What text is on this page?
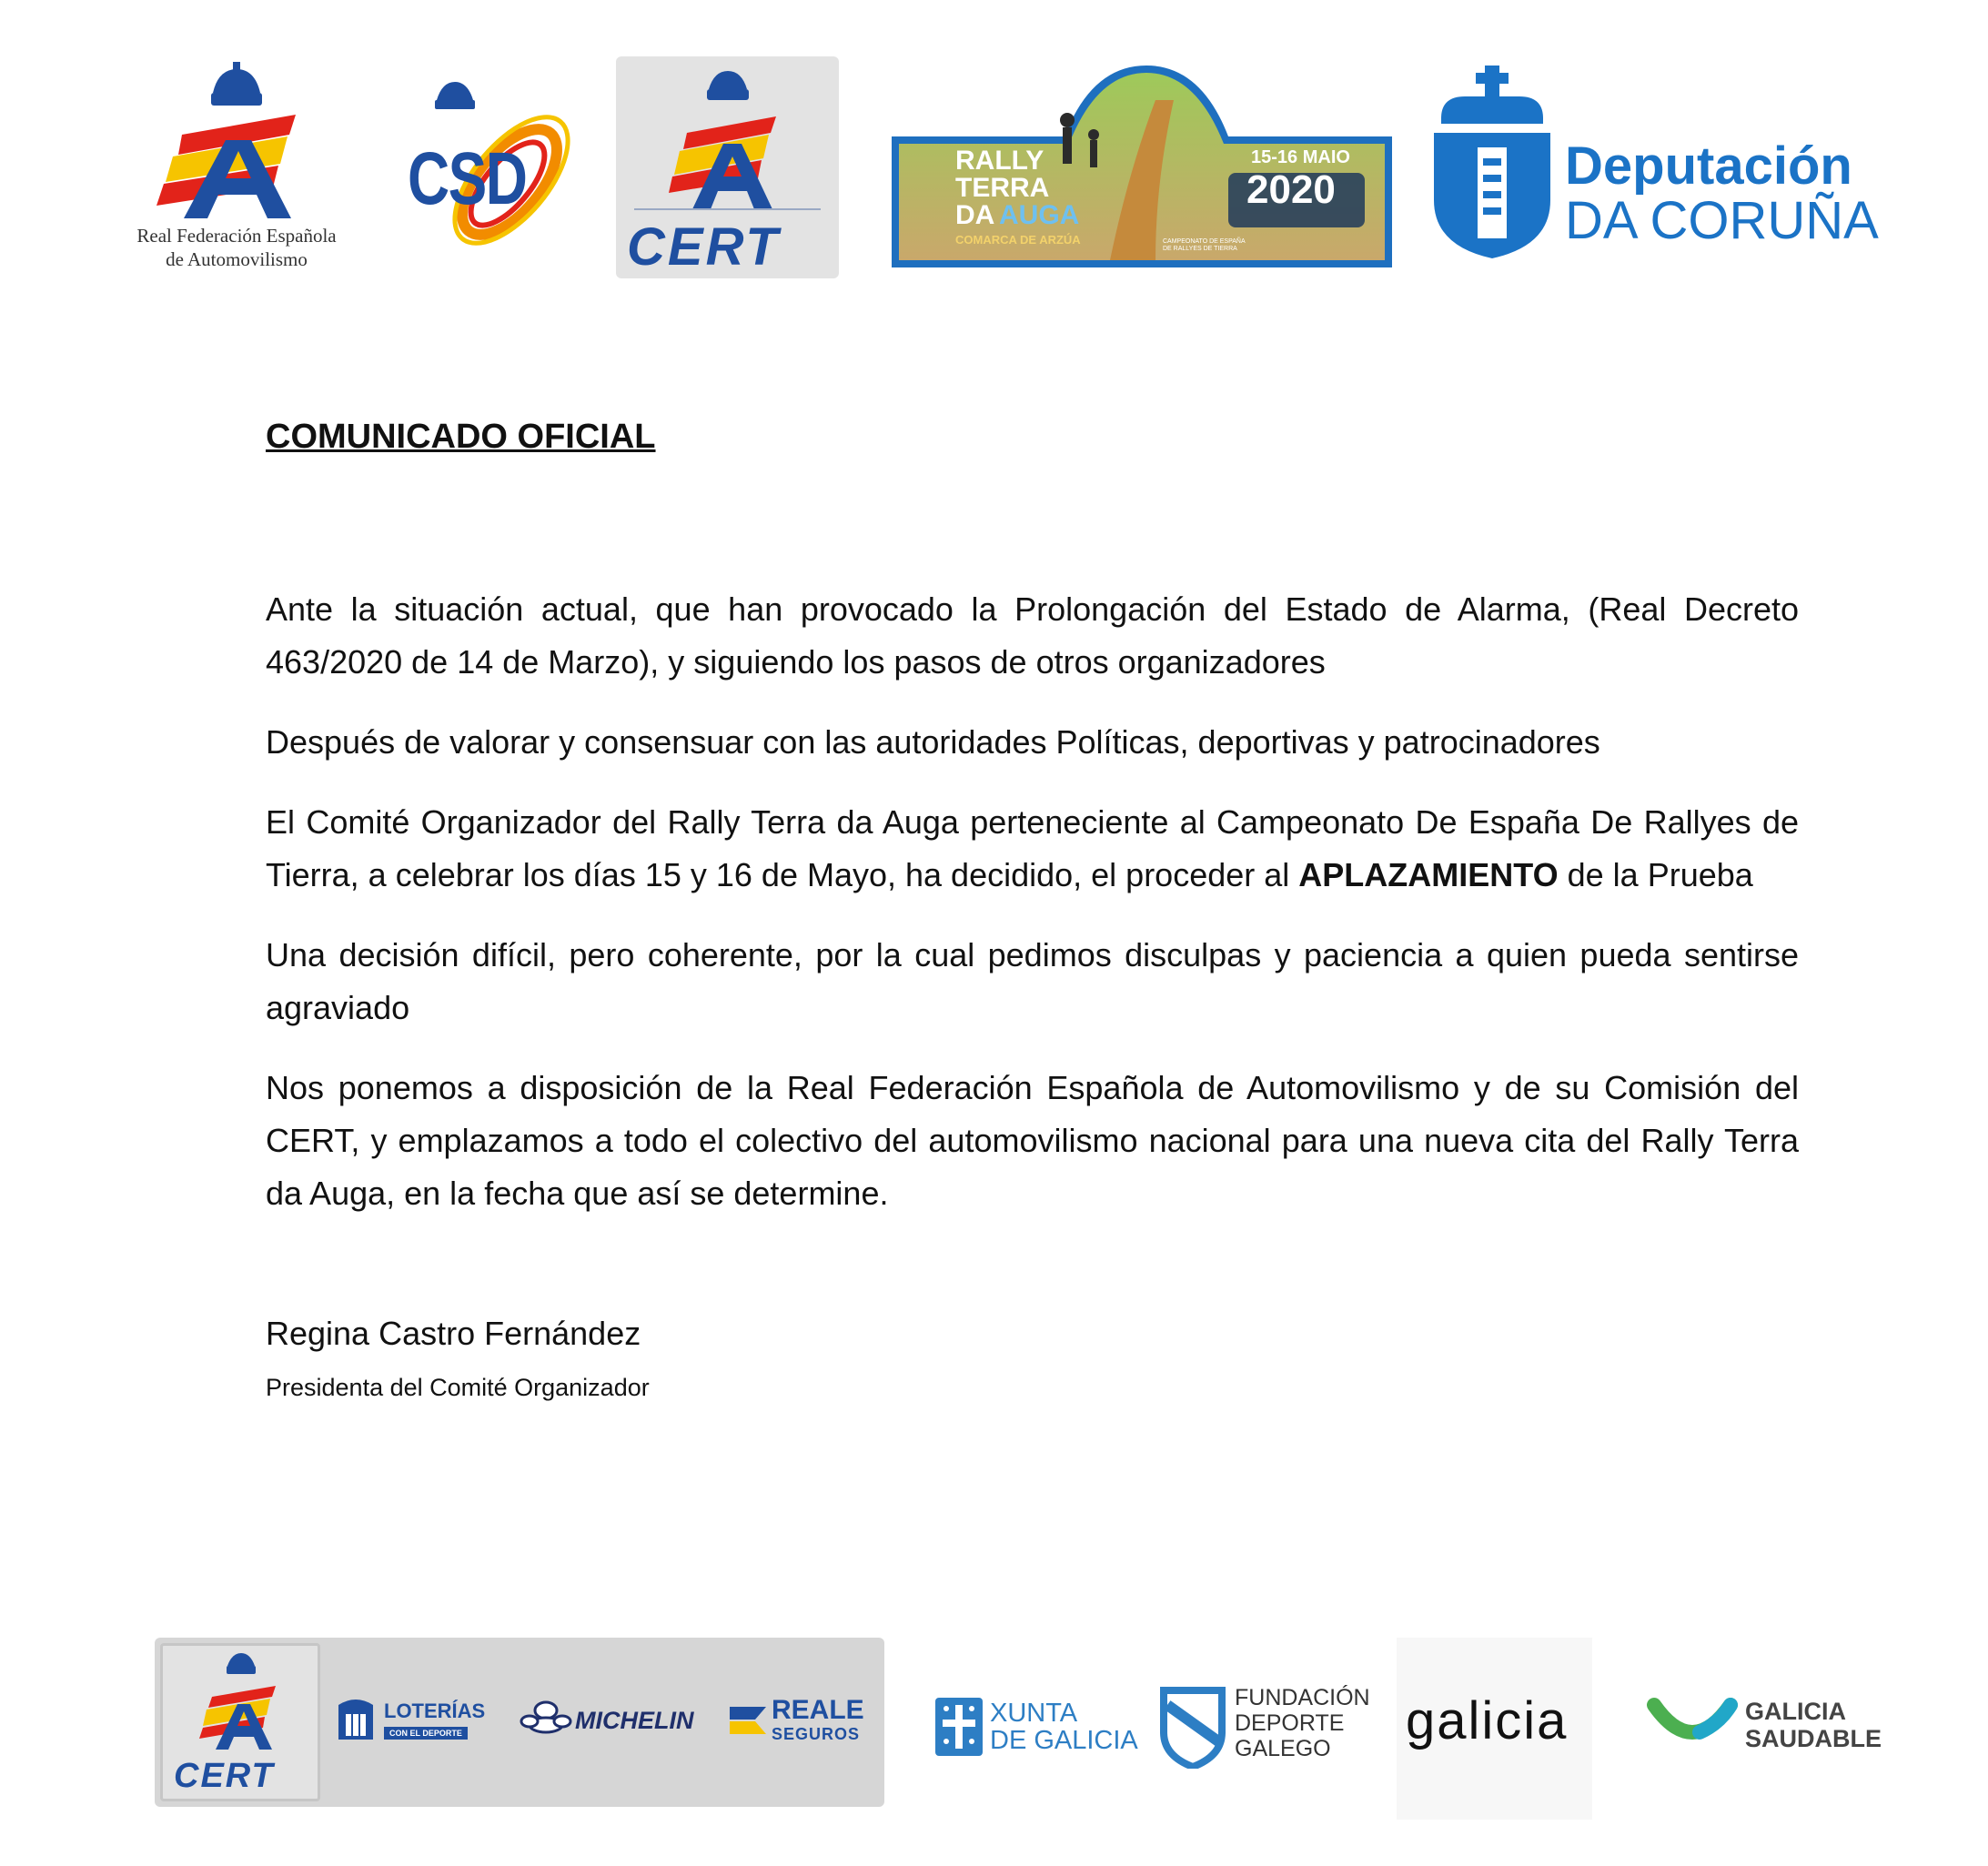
Real Federación Española
de Automovilismo
CSD
CERT
RALLY
TERRA
DA AUGA
COMARCA DE ARZÚA
15-16 MAIO
2020
CAMPEONATO DE ESPAÑA
DE RALLYES DE TIERRA
Deputación
DA CORUÑA
COMUNICADO OFICIAL

Ante la situación actual, que han provocado la Prolongación del Estado de Alarma, (Real Decreto 463/2020 de 14 de Marzo), y siguiendo los pasos de otros organizadores

Después de valorar y consensuar con las autoridades Políticas, deportivas y patrocinadores

El Comité Organizador del Rally Terra da Auga perteneciente al Campeonato De España De Rallyes de Tierra, a celebrar los días 15 y 16 de Mayo, ha decidido, el proceder al APLAZAMIENTO de la Prueba

Una decisión difícil, pero coherente, por la cual pedimos disculpas y paciencia a quien pueda sentirse agraviado

Nos ponemos a disposición de la Real Federación Española de Automovilismo y de su Comisión del CERT, y emplazamos a todo el colectivo del automovilismo nacional para una nueva cita del Rally Terra da Auga, en la fecha que así se determine.

Regina Castro Fernández

Presidenta del Comité Organizador

CERT
LOTERÍAS
CON EL DEPORTE	MICHELIN	REALE
SEGUROS
XUNTA
DE GALICIA
FUNDACIÓN
DEPORTE
GALEGO galicia	GALICIA
SAUDABLE
